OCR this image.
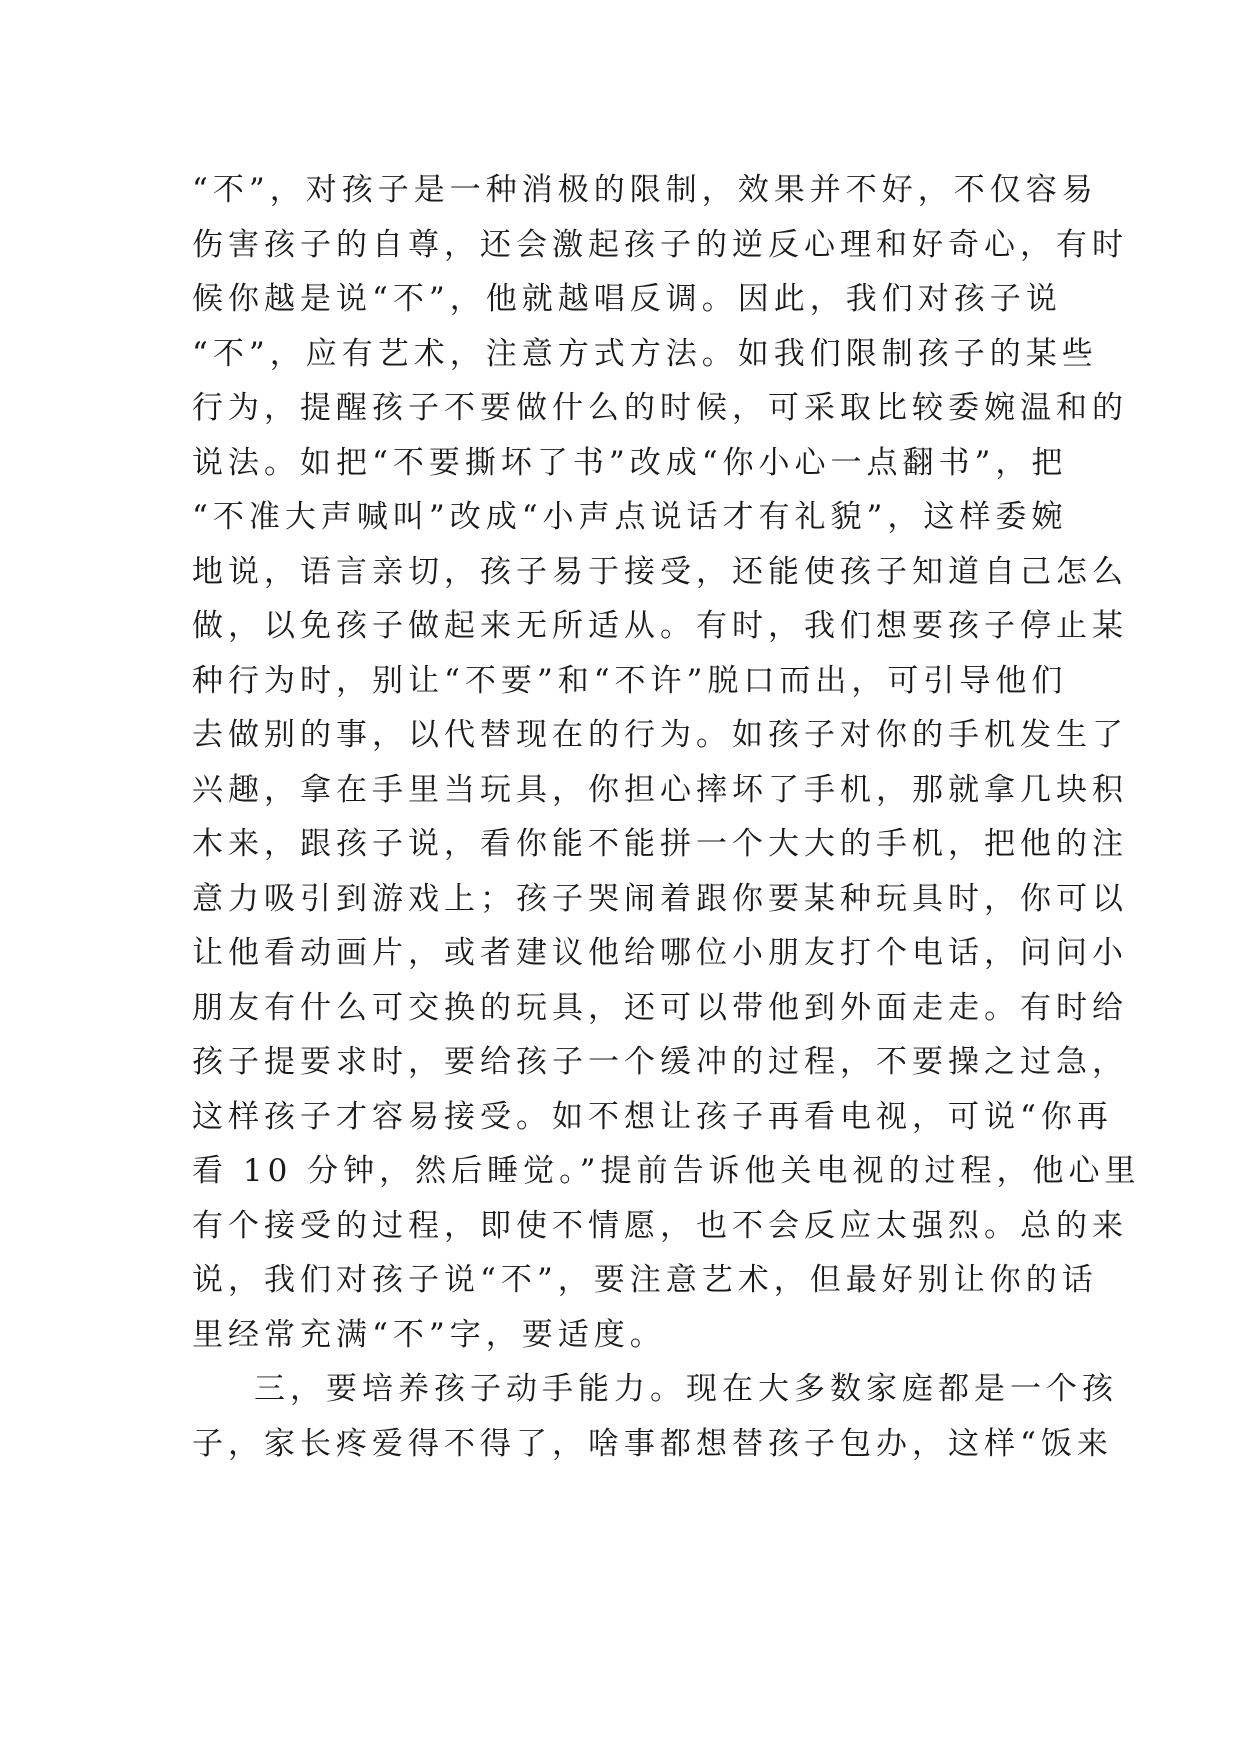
“不”，对孩子是一种消极的限制，效果并不好，不仅容易
伤害孩子的自尊，还会激起孩子的逆反心理和好奇心，有时
候你越是说“不”，他就越唱反调。因此，我们对孩子说
“不”，应有艺术，注意方式方法。如我们限制孩子的某些
行为，提醒孩子不要做什么的时候，可采取比较委婉温和的
说法。如把“不要撕坏了书”改成“你小心一点翻书”，把
“不准大声喊叫”改成“小声点说话才有礼貌”，这样委婉
地说，语言亲切，孩子易于接受，还能使孩子知道自己怎么
做，以免孩子做起来无所适从。有时，我们想要孩子停止某
种行为时，别让“不要”和“不许”脱口而出，可引导他们
去做别的事，以代替现在的行为。如孩子对你的手机发生了
兴趣，拿在手里当玩具，你担心摔坏了手机，那就拿几块积
木来，跟孩子说，看你能不能拼一个大大的手机，把他的注
意力吸引到游戏上；孩子哭闹着跟你要某种玩具时，你可以
让他看动画片，或者建议他给哪位小朋友打个电话，问问小
朋友有什么可交换的玩具，还可以带他到外面走走。有时给
孩子提要求时，要给孩子一个缓冲的过程，不要操之过急，
这样孩子才容易接受。如不想让孩子再看电视，可说“你再
看 10 分钟，然后睡觉。”提前告诉他关电视的过程，他心里
有个接受的过程，即使不情愿，也不会反应太强烈。总的来
说，我们对孩子说“不”，要注意艺术，但最好别让你的话
里经常充满“不”字，要适度。
三，要培养孩子动手能力。现在大多数家庭都是一个孩
子，家长疼爱得不得了，啥事都想替孩子包办，这样“饭来
